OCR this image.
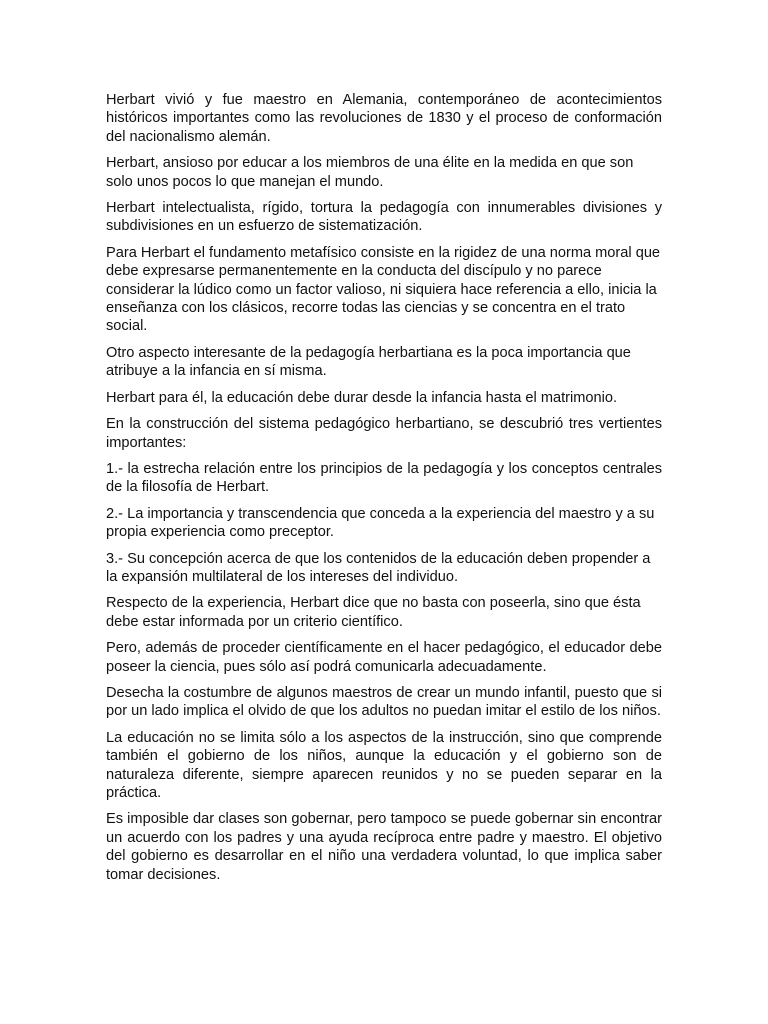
Herbart vivió y fue maestro en Alemania, contemporáneo de acontecimientos históricos importantes como las revoluciones de 1830 y el proceso de conformación del nacionalismo alemán.

Herbart, ansioso por educar a los miembros de una élite en la medida en que son solo unos pocos lo que manejan el mundo.

Herbart intelectualista, rígido, tortura la pedagogía con innumerables divisiones y subdivisiones en un esfuerzo de sistematización.

Para Herbart el fundamento metafísico consiste en la rigidez de una norma moral que debe expresarse permanentemente en la conducta del discípulo y no parece considerar la lúdico como un factor valioso, ni siquiera hace referencia a ello, inicia la enseñanza con los clásicos, recorre todas las ciencias y se concentra en el trato social.

Otro aspecto interesante de la pedagogía herbartiana es la poca importancia que atribuye a la infancia en sí misma.

Herbart para él, la educación debe durar desde la infancia hasta el matrimonio.

En la construcción del sistema pedagógico herbartiano, se descubrió tres vertientes importantes:

1.- la estrecha relación entre los principios de la pedagogía y los conceptos centrales de la filosofía de Herbart.

2.- La importancia y transcendencia que conceda a la experiencia del maestro y a su propia experiencia como preceptor.

3.- Su concepción acerca de que los contenidos de la educación deben propender a la expansión multilateral de los intereses del individuo.

Respecto de la experiencia, Herbart dice que no basta con poseerla, sino que ésta debe estar informada por un criterio científico.

Pero, además de proceder científicamente en el hacer pedagógico, el educador debe poseer la ciencia, pues sólo así podrá comunicarla adecuadamente.

Desecha la costumbre de algunos maestros de crear un mundo infantil, puesto que si por un lado implica el olvido de que los adultos no puedan imitar el estilo de los niños.

La educación no se limita sólo a los aspectos de la instrucción, sino que comprende también el gobierno de los niños, aunque la educación y el gobierno son de naturaleza diferente, siempre aparecen reunidos y no se pueden separar en la práctica.

Es imposible dar clases son gobernar, pero tampoco se puede gobernar sin encontrar un acuerdo con los padres y una ayuda recíproca entre padre y maestro. El objetivo del gobierno es desarrollar en el niño una verdadera voluntad, lo que implica saber tomar decisiones.
